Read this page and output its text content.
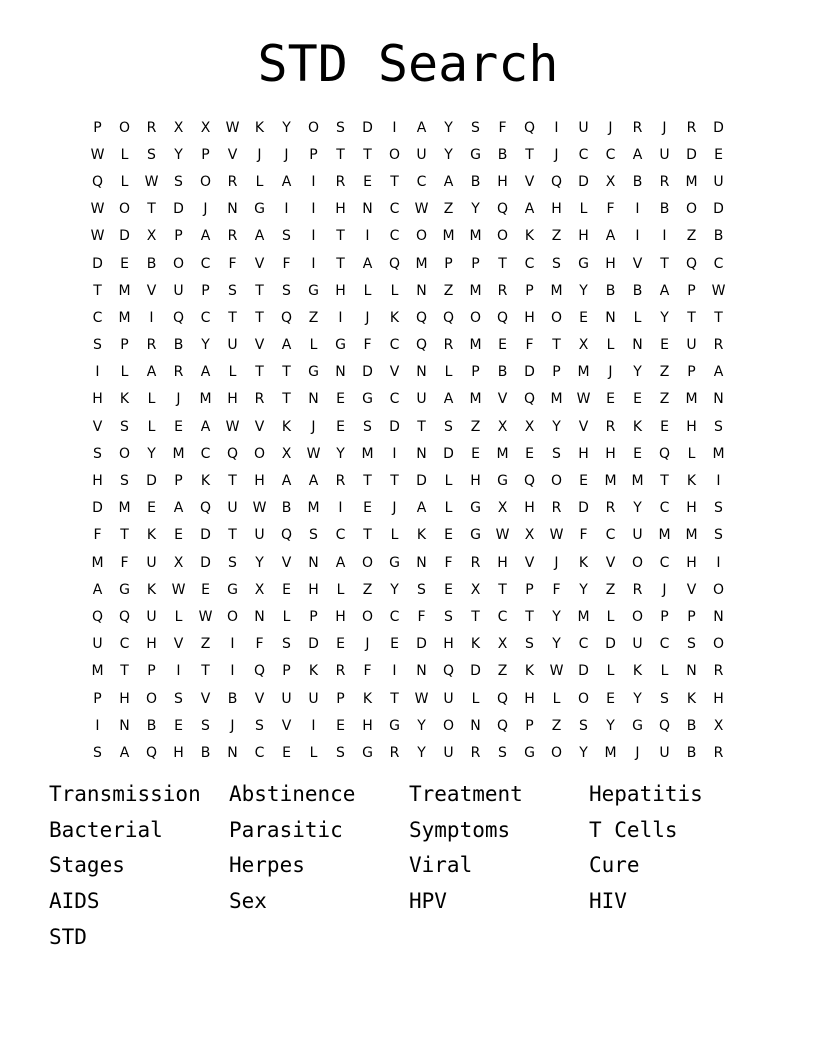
STD Search
P	O	R	X	X	W	K	Y	O	S	D	I	A	Y	S	F	Q	I	U	J	R	J	R	D
W	L	S	Y	P	V	J	J	P	T	T	O	U	Y	G	B	T	J	C	C	A	U	D	E
Q	L	W	S	O	R	L	A	I	R	E	T	C	A	B	H	V	Q	D	X	B	R	M	U
W	O	T	D	J	N	G	I	I	H	N	C	W	Z	Y	Q	A	H	L	F	I	B	O	D
W	D	X	P	A	R	A	S	I	T	I	C	O	M	M	O	K	Z	H	A	I	I	Z	B
D	E	B	O	C	F	V	F	I	T	A	Q	M	P	P	T	C	S	G	H	V	T	Q	C
T	M	V	U	P	S	T	S	G	H	L	L	N	Z	M	R	P	M	Y	B	B	A	P	W
C	M	I	Q	C	T	T	Q	Z	I	J	K	Q	Q	O	Q	H	O	E	N	L	Y	T	T
S	P	R	B	Y	U	V	A	L	G	F	C	Q	R	M	E	F	T	X	L	N	E	U	R
I	L	A	R	A	L	T	T	G	N	D	V	N	L	P	B	D	P	M	J	Y	Z	P	A
H	K	L	J	M	H	R	T	N	E	G	C	U	A	M	V	Q	M	W	E	E	Z	M	N
V	S	L	E	A	W	V	K	J	E	S	D	T	S	Z	X	X	Y	V	R	K	E	H	S
S	O	Y	M	C	Q	O	X	W	Y	M	I	N	D	E	M	E	S	H	H	E	Q	L	M
H	S	D	P	K	T	H	A	A	R	T	T	D	L	H	G	Q	O	E	M	M	T	K	I
D	M	E	A	Q	U	W	B	M	I	E	J	A	L	G	X	H	R	D	R	Y	C	H	S
F	T	K	E	D	T	U	Q	S	C	T	L	K	E	G	W	X	W	F	C	U	M	M	S
M	F	U	X	D	S	Y	V	N	A	O	G	N	F	R	H	V	J	K	V	O	C	H	I
A	G	K	W	E	G	X	E	H	L	Z	Y	S	E	X	T	P	F	Y	Z	R	J	V	O
Q	Q	U	L	W	O	N	L	P	H	O	C	F	S	T	C	T	Y	M	L	O	P	P	N
U	C	H	V	Z	I	F	S	D	E	J	E	D	H	K	X	S	Y	C	D	U	C	S	O
M	T	P	I	T	I	Q	P	K	R	F	I	N	Q	D	Z	K	W	D	L	K	L	N	R
P	H	O	S	V	B	V	U	U	P	K	T	W	U	L	Q	H	L	O	E	Y	S	K	H
I	N	B	E	S	J	S	V	I	E	H	G	Y	O	N	Q	P	Z	S	Y	G	Q	B	X
S	A	Q	H	B	N	C	E	L	S	G	R	Y	U	R	S	G	O	Y	M	J	U	B	R
Transmission	Abstinence	Treatment	Hepatitis
Bacterial	Parasitic	Symptoms	T Cells
Stages	Herpes	Viral	Cure
AIDS	Sex	HPV	HIV
STD
